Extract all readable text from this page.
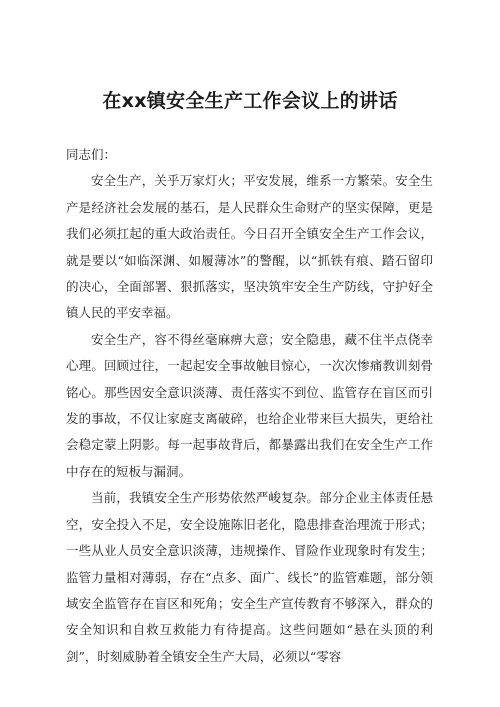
在xx镇安全生产工作会议上的讲话

同志们：

安全生产，关乎万家灯火；平安发展，维系一方繁荣。安全生产是经济社会发展的基石，是人民群众生命财产的坚实保障，更是我们必须扛起的重大政治责任。今日召开全镇安全生产工作会议，就是要以“如临深渊、如履薄冰”的警醒，以“抓铁有痕、踏石留印的决心，全面部署、狠抓落实，坚决筑牢安全生产防线，守护好全镇人民的平安幸福。

安全生产，容不得丝毫麻痹大意；安全隐患，藏不住半点侥幸心理。回顾过往，一起起安全事故触目惊心，一次次惨痛教训刻骨铭心。那些因安全意识淡薄、责任落实不到位、监管存在盲区而引发的事故，不仅让家庭支离破碎，也给企业带来巨大损失，更给社会稳定蒙上阴影。每一起事故背后，都暴露出我们在安全生产工作中存在的短板与漏洞。

当前，我镇安全生产形势依然严峻复杂。部分企业主体责任悬空，安全投入不足，安全设施陈旧老化，隐患排查治理流于形式；一些从业人员安全意识淡薄，违规操作、冒险作业现象时有发生；监管力量相对薄弱，存在“点多、面广、线长”的监管难题，部分领域安全监管存在盲区和死角；安全生产宣传教育不够深入，群众的安全知识和自救互救能力有待提高。这些问题如“悬在头顶的利剑”，时刻威胁着全镇安全生产大局，必须以“零容
